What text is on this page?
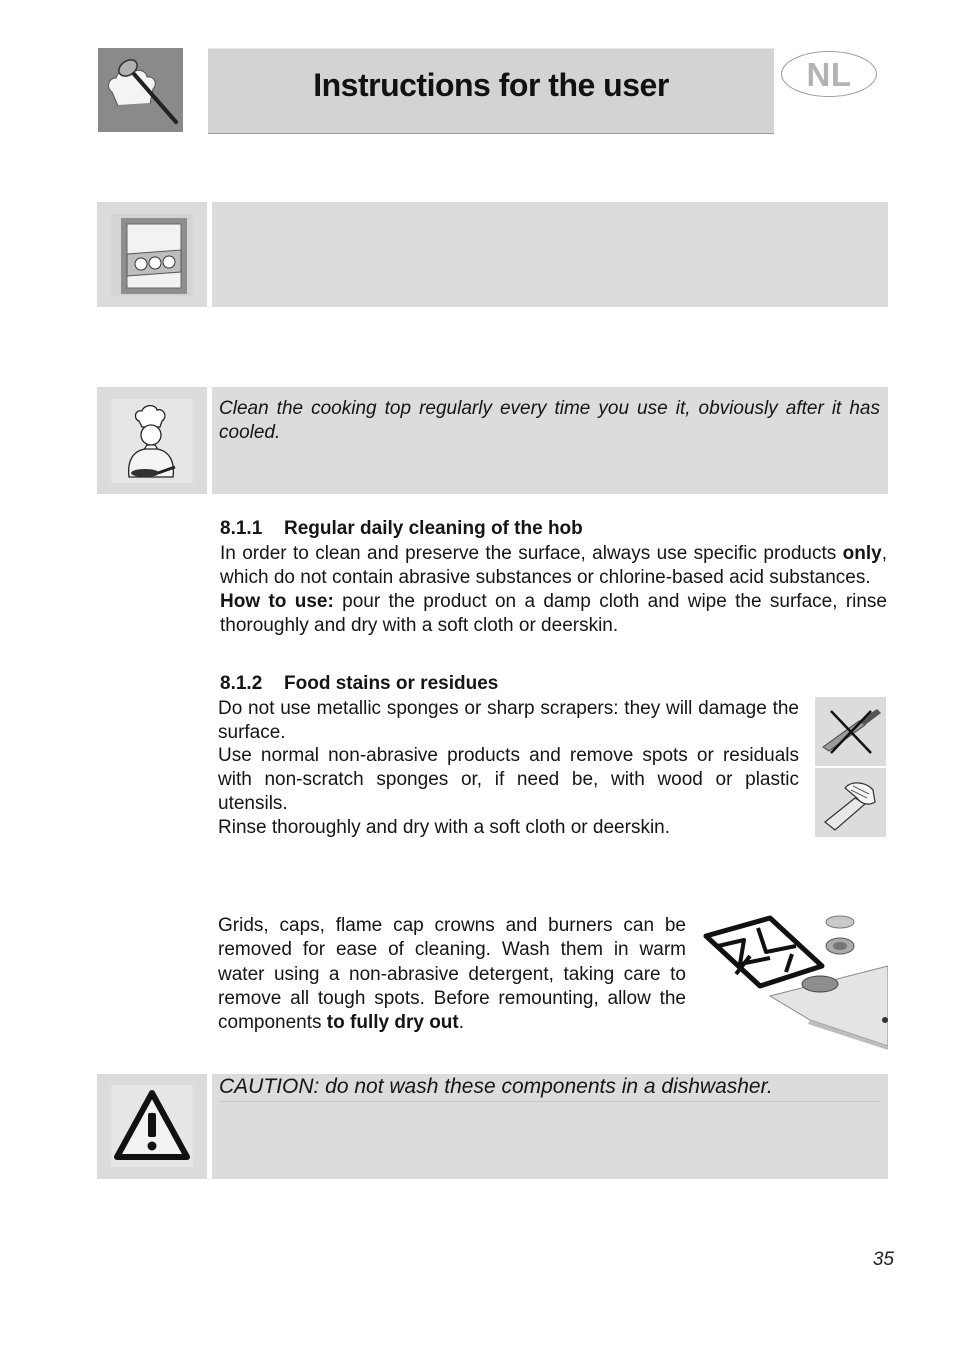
Instructions for the user	NL
Clean the cooking top regularly every time you use it, obviously after it has cooled.
8.1.1 Regular daily cleaning of the hob
In order to clean and preserve the surface, always use specific products only, which do not contain abrasive substances or chlorine-based acid substances.
How to use: pour the product on a damp cloth and wipe the surface, rinse thoroughly and dry with a soft cloth or deerskin.
8.1.2 Food stains or residues
Do not use metallic sponges or sharp scrapers: they will damage the surface.
Use normal non-abrasive products and remove spots or residuals with non-scratch sponges or, if need be, with wood or plastic utensils.
Rinse thoroughly and dry with a soft cloth or deerskin.
Grids, caps, flame cap crowns and burners can be removed for ease of cleaning. Wash them in warm water using a non-abrasive detergent, taking care to remove all tough spots. Before remounting, allow the components to fully dry out.
CAUTION: do not wash these components in a dishwasher.
35
